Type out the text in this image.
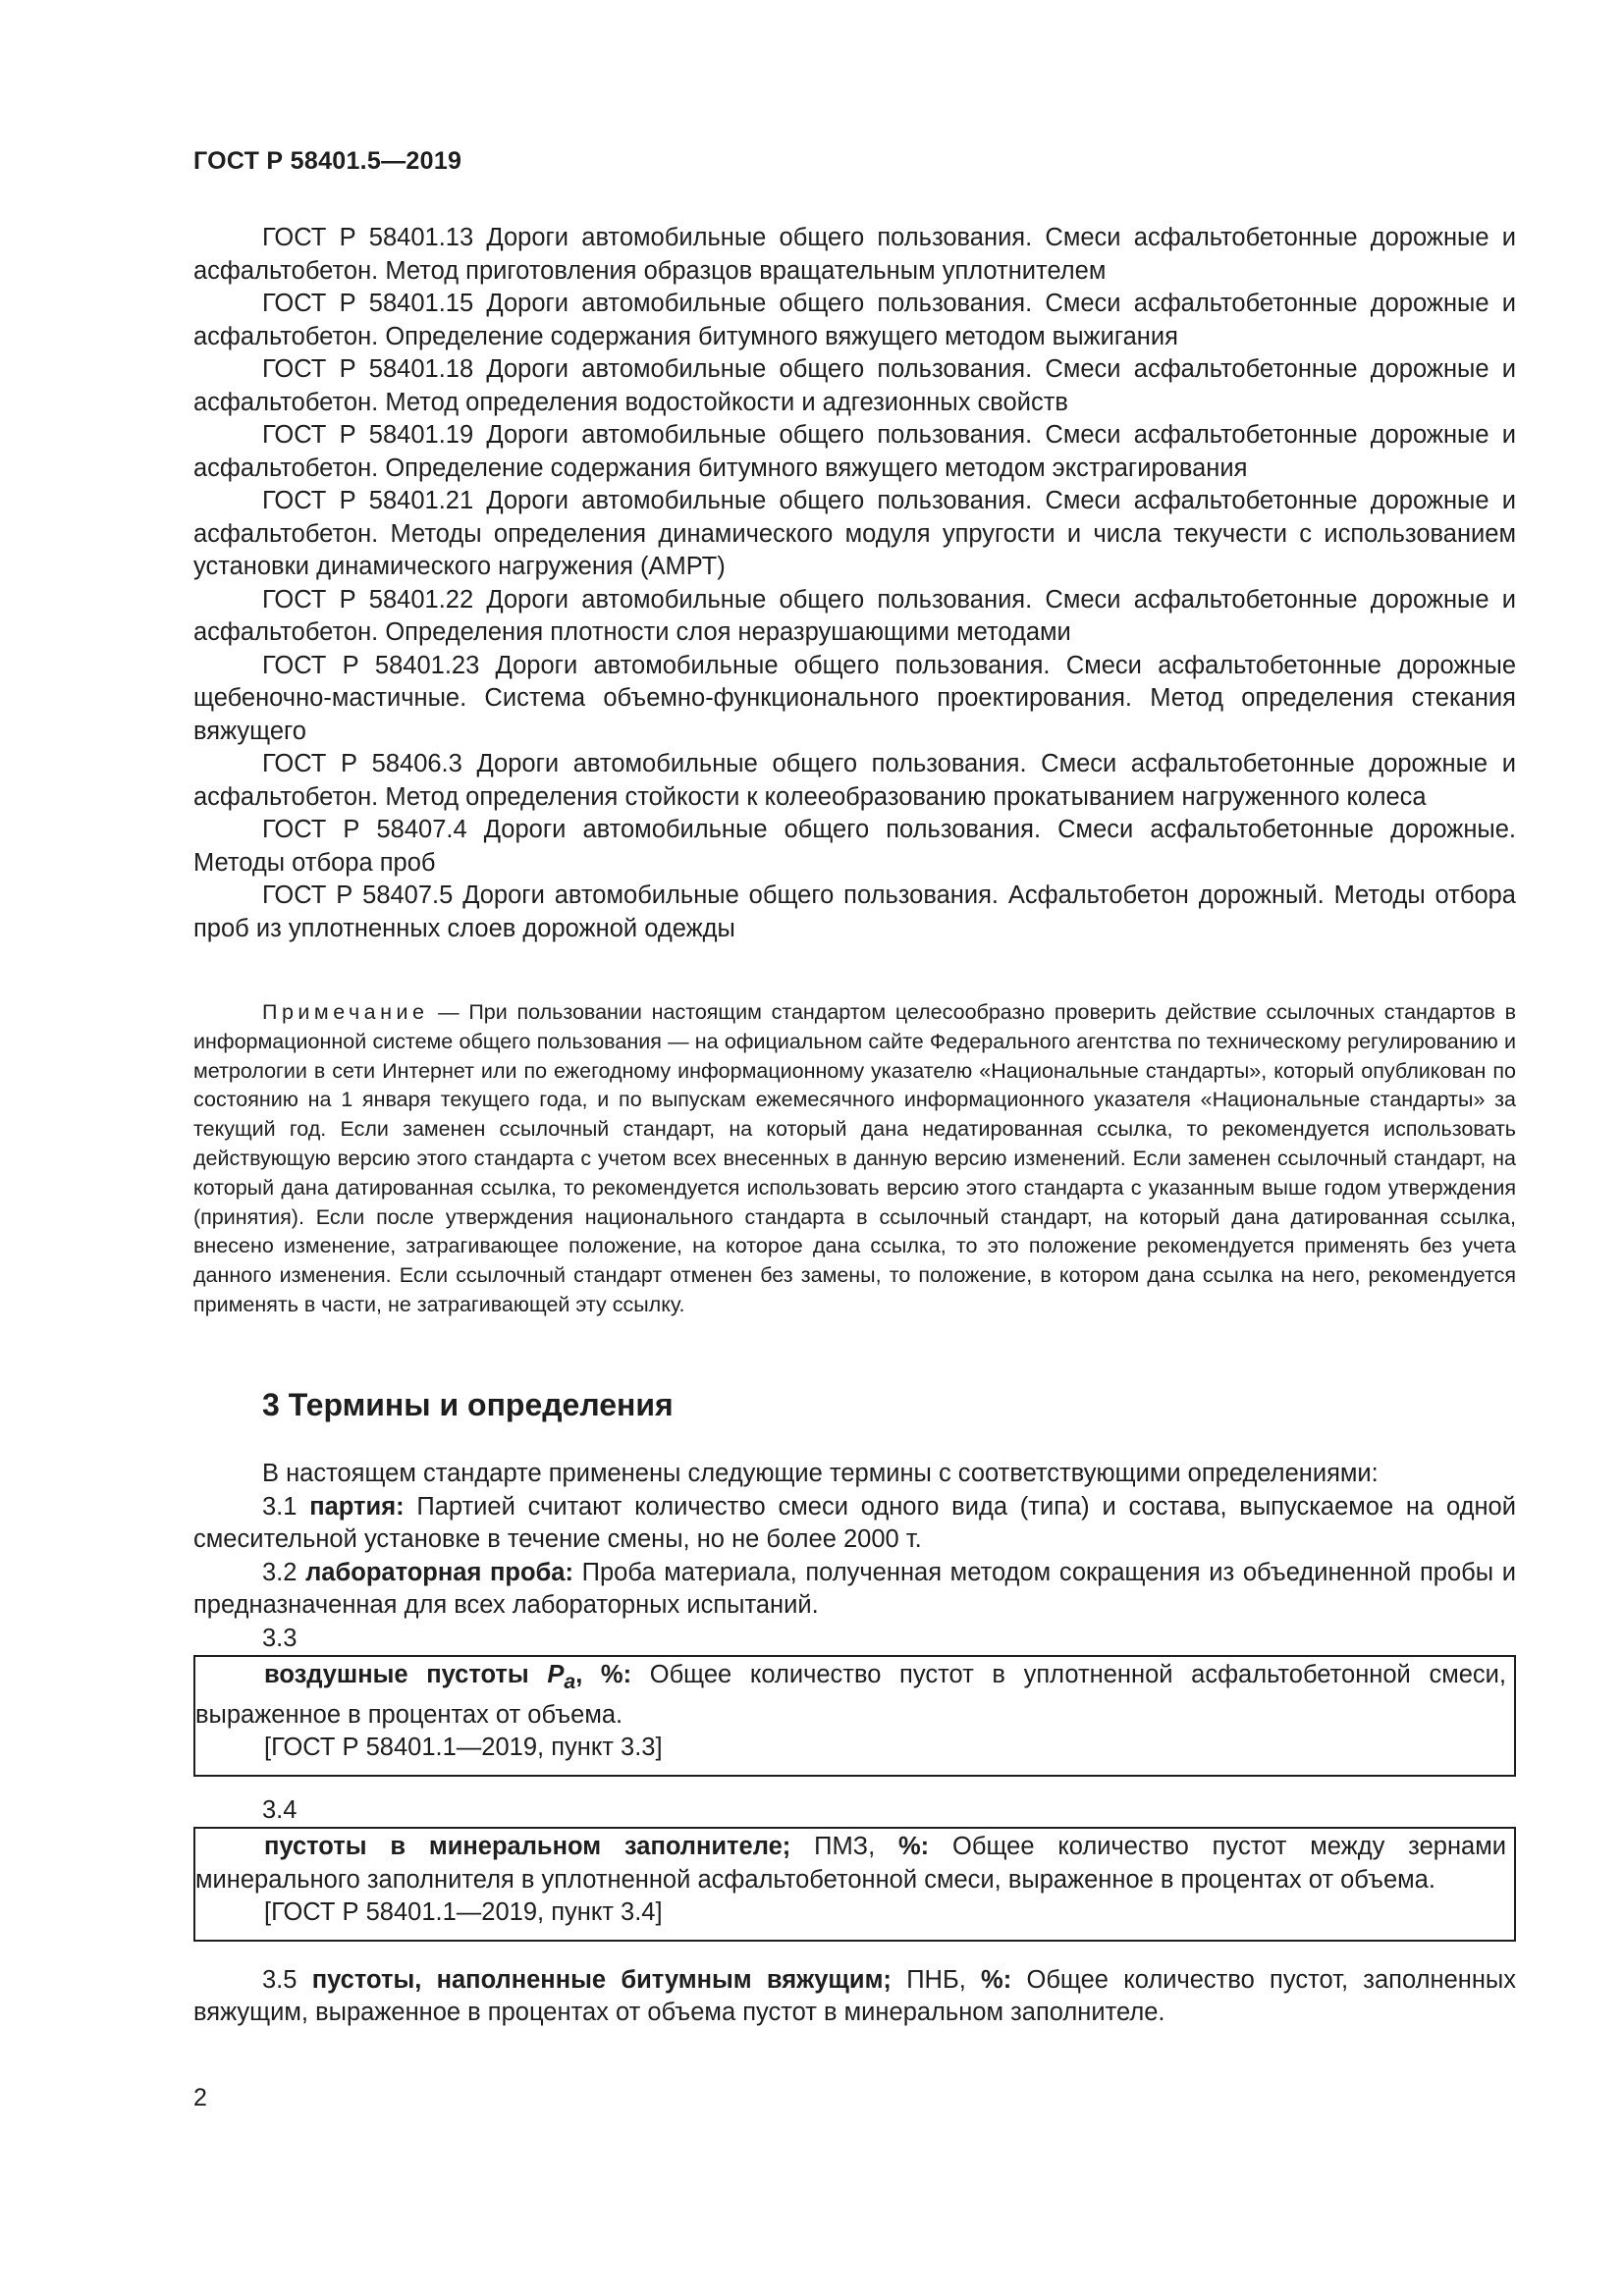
ГОСТ Р 58401.5—2019
ГОСТ Р 58401.13 Дороги автомобильные общего пользования. Смеси асфальтобетонные дорожные и асфальтобетон. Метод приготовления образцов вращательным уплотнителем
ГОСТ Р 58401.15 Дороги автомобильные общего пользования. Смеси асфальтобетонные дорожные и асфальтобетон. Определение содержания битумного вяжущего методом выжигания
ГОСТ Р 58401.18 Дороги автомобильные общего пользования. Смеси асфальтобетонные дорожные и асфальтобетон. Метод определения водостойкости и адгезионных свойств
ГОСТ Р 58401.19 Дороги автомобильные общего пользования. Смеси асфальтобетонные дорожные и асфальтобетон. Определение содержания битумного вяжущего методом экстрагирования
ГОСТ Р 58401.21 Дороги автомобильные общего пользования. Смеси асфальтобетонные дорожные и асфальтобетон. Методы определения динамического модуля упругости и числа текучести с использованием установки динамического нагружения (АМРТ)
ГОСТ Р 58401.22 Дороги автомобильные общего пользования. Смеси асфальтобетонные дорожные и асфальтобетон. Определения плотности слоя неразрушающими методами
ГОСТ Р 58401.23 Дороги автомобильные общего пользования. Смеси асфальтобетонные дорожные щебеночно-мастичные. Система объемно-функционального проектирования. Метод определения стекания вяжущего
ГОСТ Р 58406.3 Дороги автомобильные общего пользования. Смеси асфальтобетонные дорожные и асфальтобетон. Метод определения стойкости к колееобразованию прокатыванием нагруженного колеса
ГОСТ Р 58407.4 Дороги автомобильные общего пользования. Смеси асфальтобетонные дорожные. Методы отбора проб
ГОСТ Р 58407.5 Дороги автомобильные общего пользования. Асфальтобетон дорожный. Методы отбора проб из уплотненных слоев дорожной одежды
Примечание — При пользовании настоящим стандартом целесообразно проверить действие ссылочных стандартов в информационной системе общего пользования — на официальном сайте Федерального агентства по техническому регулированию и метрологии в сети Интернет или по ежегодному информационному указателю «Национальные стандарты», который опубликован по состоянию на 1 января текущего года, и по выпускам ежемесячного информационного указателя «Национальные стандарты» за текущий год. Если заменен ссылочный стандарт, на который дана недатированная ссылка, то рекомендуется использовать действующую версию этого стандарта с учетом всех внесенных в данную версию изменений. Если заменен ссылочный стандарт, на который дана датированная ссылка, то рекомендуется использовать версию этого стандарта с указанным выше годом утверждения (принятия). Если после утверждения национального стандарта в ссылочный стандарт, на который дана датированная ссылка, внесено изменение, затрагивающее положение, на которое дана ссылка, то это положение рекомендуется применять без учета данного изменения. Если ссылочный стандарт отменен без замены, то положение, в котором дана ссылка на него, рекомендуется применять в части, не затрагивающей эту ссылку.
3 Термины и определения
В настоящем стандарте применены следующие термины с соответствующими определениями:
3.1 партия: Партией считают количество смеси одного вида (типа) и состава, выпускаемое на одной смесительной установке в течение смены, но не более 2000 т.
3.2 лабораторная проба: Проба материала, полученная методом сокращения из объединенной пробы и предназначенная для всех лабораторных испытаний.
3.3
воздушные пустоты $P_a$, %: Общее количество пустот в уплотненной асфальтобетонной смеси, выраженное в процентах от объема.
[ГОСТ Р 58401.1—2019, пункт 3.3]
3.4
пустоты в минеральном заполнителе; ПМЗ, %: Общее количество пустот между зернами минерального заполнителя в уплотненной асфальтобетонной смеси, выраженное в процентах от объема.
[ГОСТ Р 58401.1—2019, пункт 3.4]
3.5 пустоты, наполненные битумным вяжущим; ПНБ, %: Общее количество пустот, заполненных вяжущим, выраженное в процентах от объема пустот в минеральном заполнителе.
2
